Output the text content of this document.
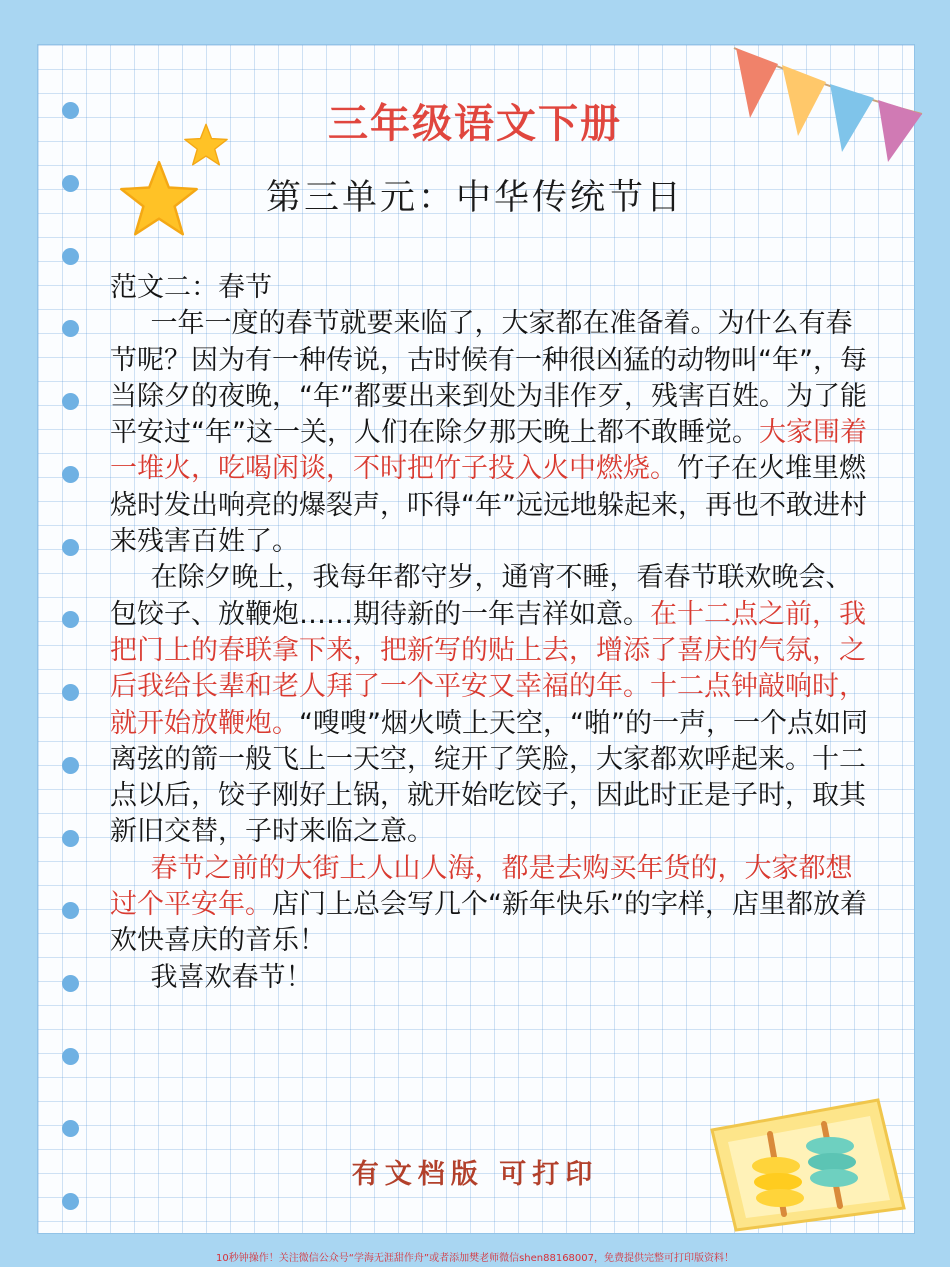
三年级语文下册
第三单元：中华传统节日

范文二：春节

一年一度的春节就要来临了，大家都在准备着。为什么有春节呢？因为有一种传说，古时候有一种很凶猛的动物叫“年”，每当除夕的夜晚，“年”都要出来到处为非作歹，残害百姓。为了能平安过“年”这一关，人们在除夕那天晚上都不敢睡觉。大家围着一堆火，吃喝闲谈，不时把竹子投入火中燃烧。竹子在火堆里燃烧时发出响亮的爆裂声，吓得“年”远远地躲起来，再也不敢进村来残害百姓了。

在除夕晚上，我每年都守岁，通宵不睡，看春节联欢晚会、包饺子、放鞭炮……期待新的一年吉祥如意。在十二点之前，我把门上的春联拿下来，把新写的贴上去，增添了喜庆的气氛，之后我给长辈和老人拜了一个平安又幸福的年。十二点钟敲响时，就开始放鞭炮。“嗖嗖”烟火喷上天空，“啪”的一声，一个点如同离弦的箭一般飞上一天空，绽开了笑脸，大家都欢呼起来。十二点以后，饺子刚好上锅，就开始吃饺子，因此时正是子时，取其新旧交替，子时来临之意。

春节之前的大街上人山人海，都是去购买年货的，大家都想过个平安年。店门上总会写几个“新年快乐”的字样，店里都放着欢快喜庆的音乐！

我喜欢春节！

有文档版 可打印
10秒钟操作！关注微信公众号“学海无涯甜作舟”或者添加樊老师微信shen88168007，免费提供完整可打印版资料！
